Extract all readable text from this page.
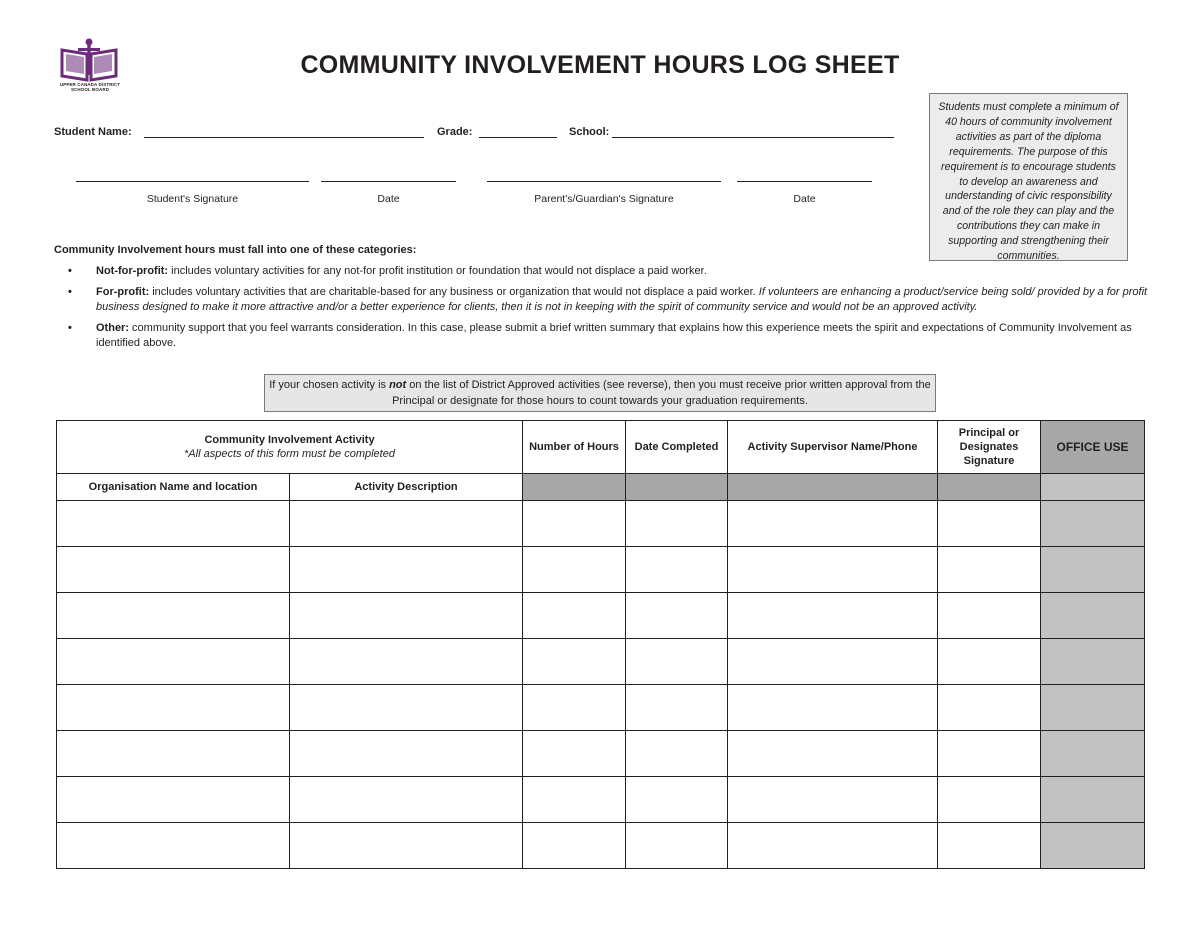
UPPER CANADA DISTRICT SCHOOL BOARD
COMMUNITY INVOLVEMENT HOURS LOG SHEET
Students must complete a minimum of 40 hours of community involvement activities as part of the diploma requirements. The purpose of this requirement is to encourage students to develop an awareness and understanding of civic responsibility and of the role they can play and the contributions they can make in supporting and strengthening their communities.
Student Name:	Grade:	School:
Student's Signature	Date	Parent's/Guardian's Signature	Date
Community Involvement hours must fall into one of these categories:
• Not-for-profit: includes voluntary activities for any not-for profit institution or foundation that would not displace a paid worker.
• For-profit: includes voluntary activities that are charitable-based for any business or organization that would not displace a paid worker. If volunteers are enhancing a product/service being sold/ provided by a for profit business designed to make it more attractive and/or a better experience for clients, then it is not in keeping with the spirit of community service and would not be an approved activity.
• Other: community support that you feel warrants consideration. In this case, please submit a brief written summary that explains how this experience meets the spirit and expectations of Community Involvement as identified above.
If your chosen activity is not on the list of District Approved activities (see reverse), then you must receive prior written approval from the Principal or designate for those hours to count towards your graduation requirements.
Community Involvement Activity
*All aspects of this form must be completed		Number of Hours	Date Completed	Activity Supervisor Name/Phone	Principal or Designates Signature	OFFICE USE
Organisation Name and location	Activity Description					
